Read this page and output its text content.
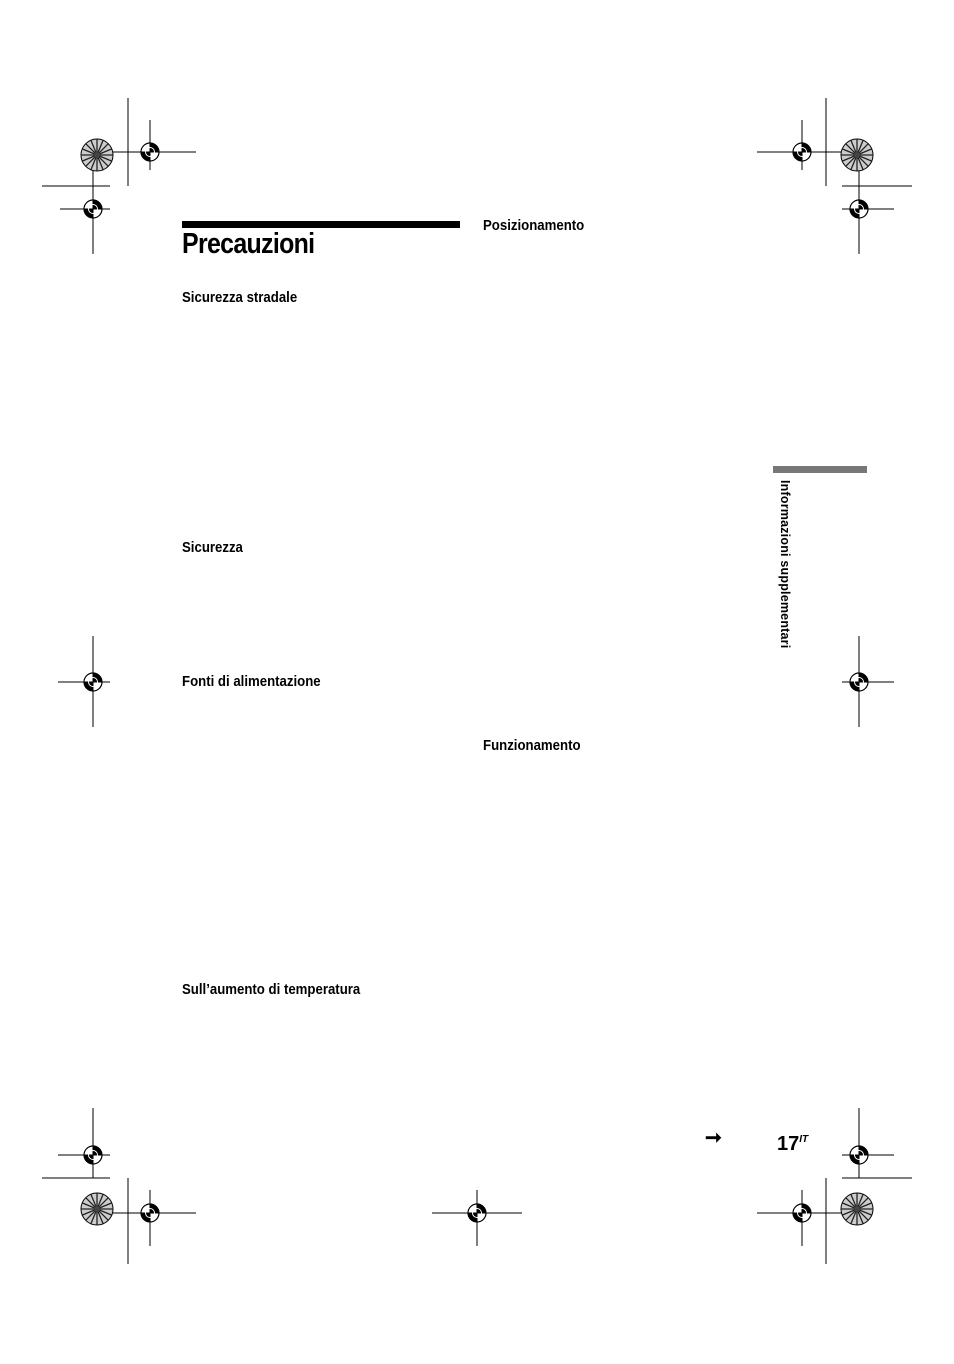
Precauzioni
Sicurezza stradale
Sicurezza
Fonti di alimentazione
Sull’aumento di temperatura
Posizionamento
Funzionamento
Informazioni supplementari
➞	$17^{IT}$
